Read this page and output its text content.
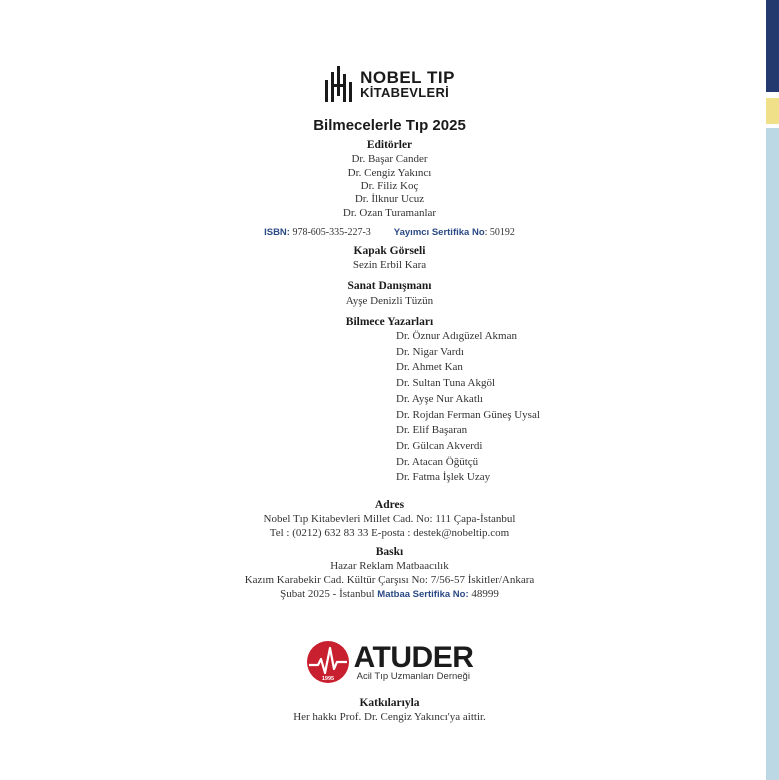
NOBEL TIP
KİTABEVLERİ
Bilmecelerle Tıp 2025
Editörler
Dr. Başar Cander
Dr. Cengiz Yakıncı
Dr. Filiz Koç
Dr. İlknur Ucuz
Dr. Ozan Turamanlar
ISBN: 978-605-335-227-3 Yayımcı Sertifika No: 50192
Kapak Görseli
Sezin Erbil Kara
Sanat Danışmanı
Ayşe Denizli Tüzün
Bilmece Yazarları
Dr. Öznur Adıgüzel Akman
Dr. Nigar Vardı
Dr. Ahmet Kan
Dr. Sultan Tuna Akgöl
Dr. Ayşe Nur Akatlı
Dr. Rojdan Ferman Güneş Uysal
Dr. Elif Başaran
Dr. Gülcan Akverdi
Dr. Atacan Öğütçü
Dr. Fatma İşlek Uzay
Adres
Nobel Tıp Kitabevleri Millet Cad. No: 111 Çapa-İstanbul
Tel : (0212) 632 83 33 E-posta : destek@nobeltip.com
Baskı
Hazar Reklam Matbaacılık
Kazım Karabekir Cad. Kültür Çarşısı No: 7/56-57 İskitler/Ankara
Şubat 2025 - İstanbul Matbaa Sertifika No: 48999
1995
ATUDER
Acil Tıp Uzmanları Derneği
Katkılarıyla
Her hakkı Prof. Dr. Cengiz Yakıncı'ya aittir.
